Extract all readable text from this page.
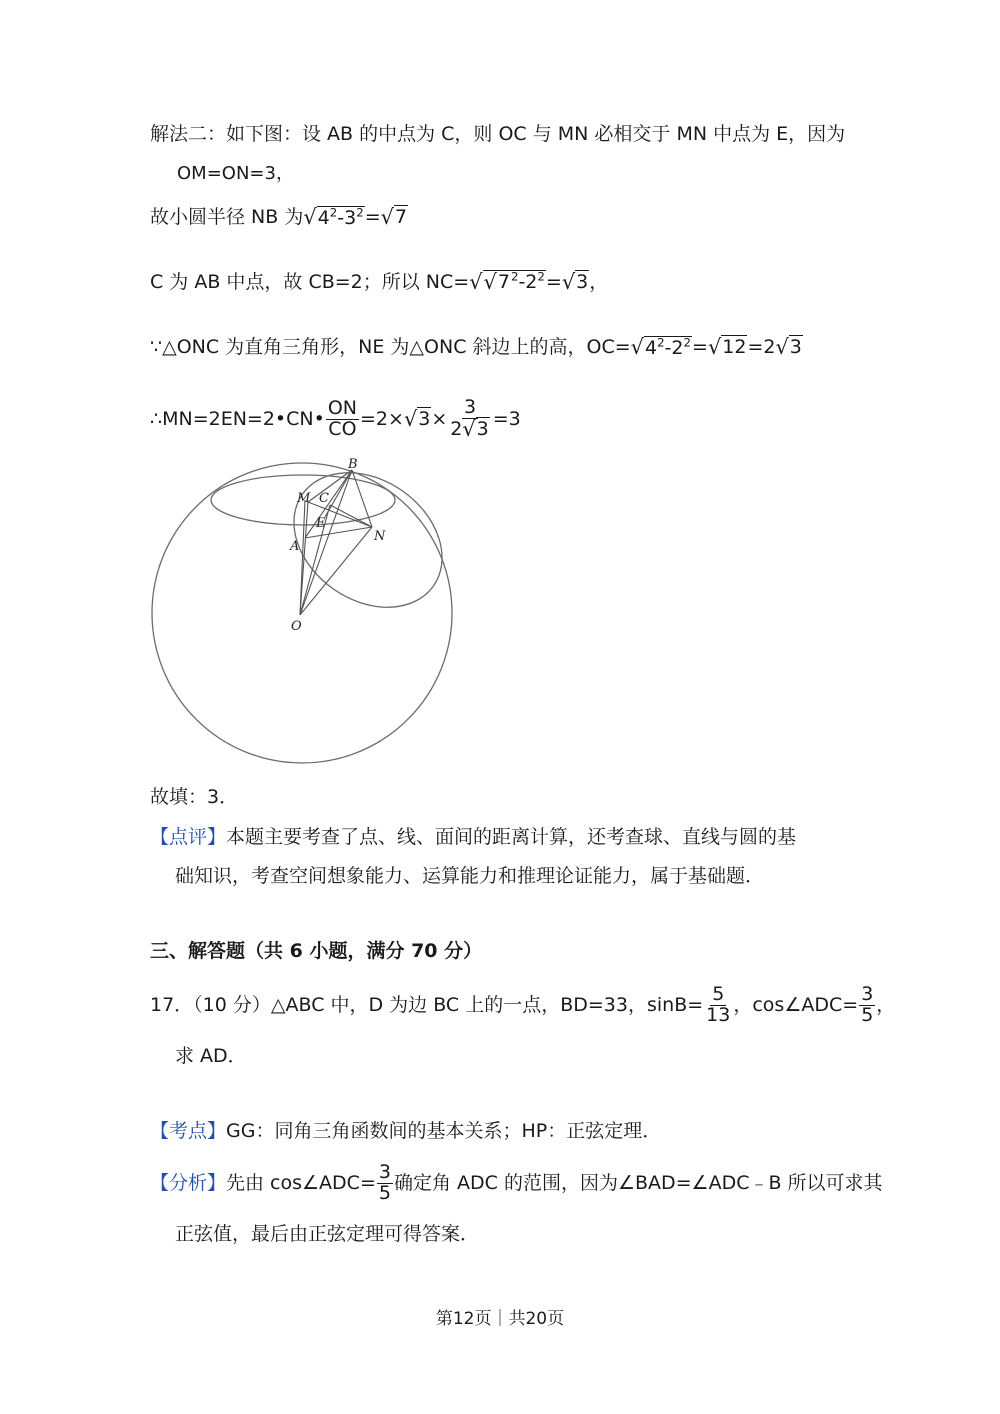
解法二：如下图：设 AB 的中点为 C，则 OC 与 MN 必相交于 MN 中点为 E，因为
OM=ON=3，
故小圆半径 NB 为$√4^2-3^2=√7$
C 为 AB 中点，故 CB=2；所以 $NC=√√7^2-2^2=√3$，
∵△ONC 为直角三角形，NE 为△ONC 斜边上的高，$OC=√4^2-2^2=√12=2√3$
∴MN=2EN=2•CN• $\frac{ON}{CO} =2\times√3\times \frac{3}{2√3} =3$
B
M C
E
A
N
O
故填：3．
【点评】本题主要考查了点、线、面间的距离计算，还考查球、直线与圆的基
础知识，考查空间想象能力、运算能力和推理论证能力，属于基础题．
三、解答题（共 6 小题，满分 70 分）
17．（10 分）△ABC 中，D 为边 BC 上的一点，BD=33，$\sin B= \frac{5}{13}$ ，cos∠ADC= $\frac{3}{5}$ ，
求 AD．
【考点】GG：同角三角函数间的基本关系；HP：正弦定理．
【分析】先由 cos∠ADC= $\frac{3}{5}$ 确定角 ADC 的范围，因为∠BAD=∠ADC﹣B 所以可求其
正弦值，最后由正弦定理可得答案．
第12页｜共20页
